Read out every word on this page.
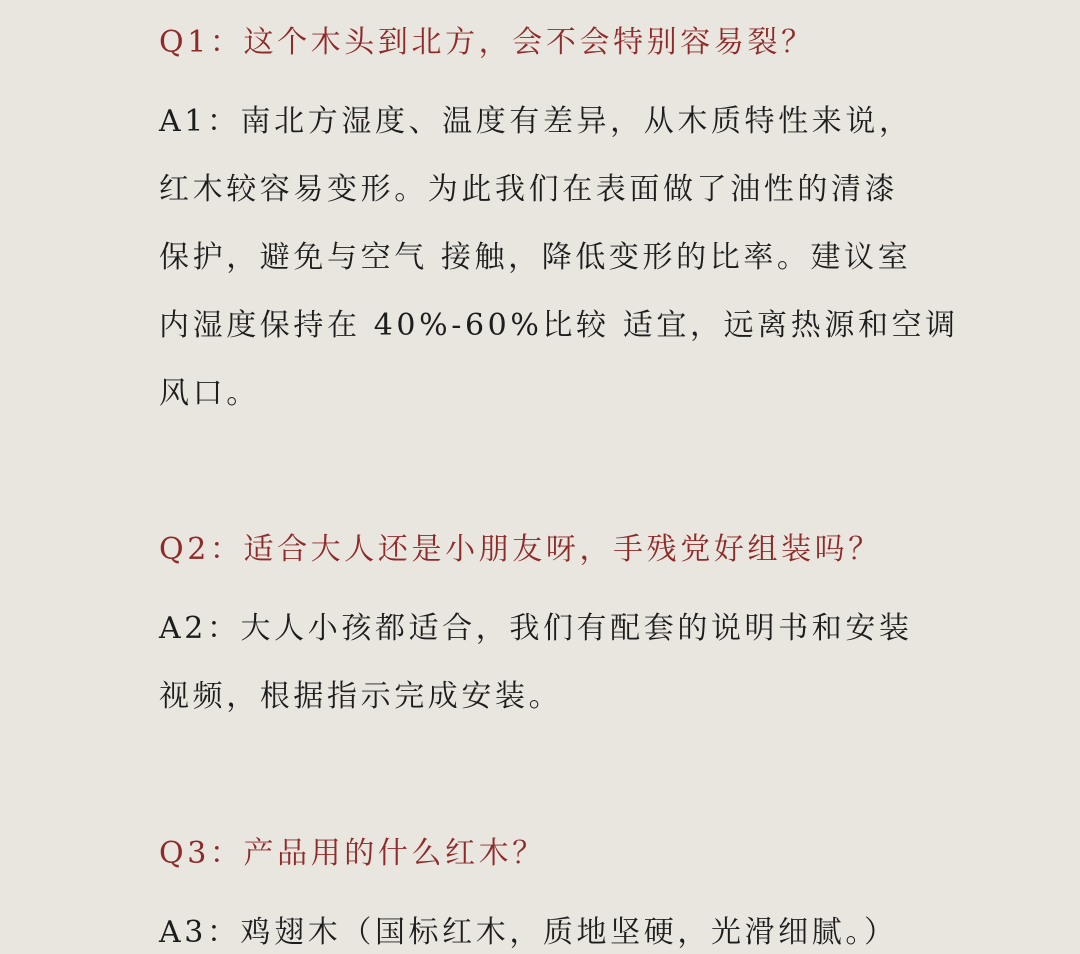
Q1：这个木头到北方，会不会特别容易裂？

A1：南北方湿度、温度有差异，从木质特性来说，
红木较容易变形。为此我们在表面做了油性的清漆
保护，避免与空气 接触，降低变形的比率。建议室
内湿度保持在 40%-60%比较 适宜，远离热源和空调
风口。

Q2：适合大人还是小朋友呀，手残党好组装吗？

A2：大人小孩都适合，我们有配套的说明书和安装
视频，根据指示完成安装。

Q3：产品用的什么红木？

A3：鸡翅木（国标红木，质地坚硬，光滑细腻。）
